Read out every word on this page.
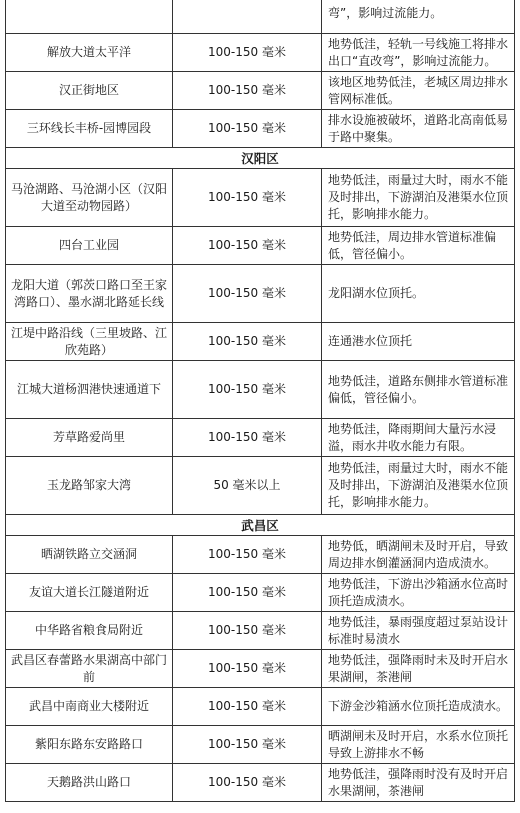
		弯”，影响过流能力。
解放大道太平洋	100-150 毫米	地势低洼，轻轨一号线施工将排水出口“直改弯”，影响过流能力。
汉正街地区	100-150 毫米	该地区地势低洼，老城区周边排水管网标准低。
三环线长丰桥-园博园段	100-150 毫米	排水设施被破坏，道路北高南低易于路中聚集。
汉阳区		
马沧湖路、马沧湖小区（汉阳大道至动物园路）	100-150 毫米	地势低洼，雨量过大时，雨水不能及时排出，下游湖泊及港渠水位顶托，影响排水能力。
四台工业园	100-150 毫米	地势低洼，周边排水管道标准偏低，管径偏小。
龙阳大道（郭茨口路口至王家湾路口）、墨水湖北路延长线	100-150 毫米	龙阳湖水位顶托。
江堤中路沿线（三里坡路、江欣苑路）	100-150 毫米	连通港水位顶托
江城大道杨泗港快速通道下	100-150 毫米	地势低洼，道路东侧排水管道标准偏低，管径偏小。
芳草路爱尚里	100-150 毫米	地势低洼，降雨期间大量污水浸溢，雨水井收水能力有限。
玉龙路邹家大湾	50 毫米以上	地势低洼，雨量过大时，雨水不能及时排出，下游湖泊及港渠水位顶托，影响排水能力。
武昌区		
晒湖铁路立交涵洞	100-150 毫米	地势低，晒湖闸未及时开启，导致周边排水倒灌涵洞内造成渍水。
友谊大道长江隧道附近	100-150 毫米	地势低洼，下游出沙箱涵水位高时顶托造成渍水。
中华路省粮食局附近	100-150 毫米	地势低洼，暴雨强度超过泵站设计标准时易渍水
武昌区春蕾路水果湖高中部门前	100-150 毫米	地势低洼，强降雨时未及时开启水果湖闸，茶港闸
武昌中南商业大楼附近	100-150 毫米	下游金沙箱涵水位顶托造成渍水。
紫阳东路东安路路口	100-150 毫米	晒湖闸未及时开启，水系水位顶托导致上游排水不畅
天鹅路洪山路口	100-150 毫米	地势低洼，强降雨时没有及时开启水果湖闸，茶港闸
